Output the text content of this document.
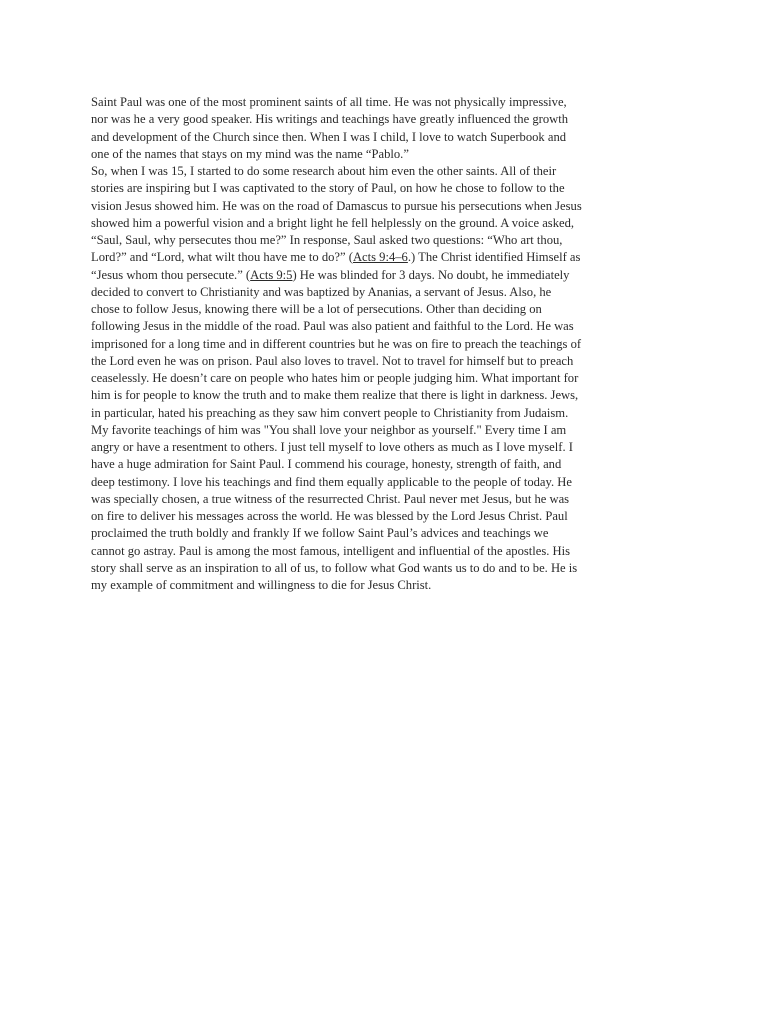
Saint Paul was one of the most prominent saints of all time. He was not physically impressive,
nor was he a very good speaker. His writings and teachings have greatly influenced the growth
and development of the Church since then. When I was I child, I love to watch Superbook and
one of the names that stays on my mind was the name “Pablo.”
So, when I was 15, I started to do some research about him even the other saints. All of their
stories are inspiring but I was captivated to the story of Paul, on how he chose to follow to the
vision Jesus showed him. He was on the road of Damascus to pursue his persecutions when Jesus
showed him a powerful vision and a bright light he fell helplessly on the ground. A voice asked,
“Saul, Saul, why persecutes thou me?” In response, Saul asked two questions: “Who art thou,
Lord?” and “Lord, what wilt thou have me to do?” (Acts 9:4–6.) The Christ identified Himself as
“Jesus whom thou persecute.” (Acts 9:5) He was blinded for 3 days. No doubt, he immediately
decided to convert to Christianity and was baptized by Ananias, a servant of Jesus. Also, he
chose to follow Jesus, knowing there will be a lot of persecutions. Other than deciding on
following Jesus in the middle of the road. Paul was also patient and faithful to the Lord. He was
imprisoned for a long time and in different countries but he was on fire to preach the teachings of
the Lord even he was on prison. Paul also loves to travel. Not to travel for himself but to preach
ceaselessly. He doesn’t care on people who hates him or people judging him. What important for
him is for people to know the truth and to make them realize that there is light in darkness. Jews,
in particular, hated his preaching as they saw him convert people to Christianity from Judaism.
My favorite teachings of him was "You shall love your neighbor as yourself." Every time I am
angry or have a resentment to others. I just tell myself to love others as much as I love myself. I
have a huge admiration for Saint Paul. I commend his courage, honesty, strength of faith, and
deep testimony. I love his teachings and find them equally applicable to the people of today. He
was specially chosen, a true witness of the resurrected Christ. Paul never met Jesus, but he was
on fire to deliver his messages across the world. He was blessed by the Lord Jesus Christ. Paul
proclaimed the truth boldly and frankly If we follow Saint Paul’s advices and teachings we
cannot go astray. Paul is among the most famous, intelligent and influential of the apostles. His
story shall serve as an inspiration to all of us, to follow what God wants us to do and to be. He is
my example of commitment and willingness to die for Jesus Christ.
